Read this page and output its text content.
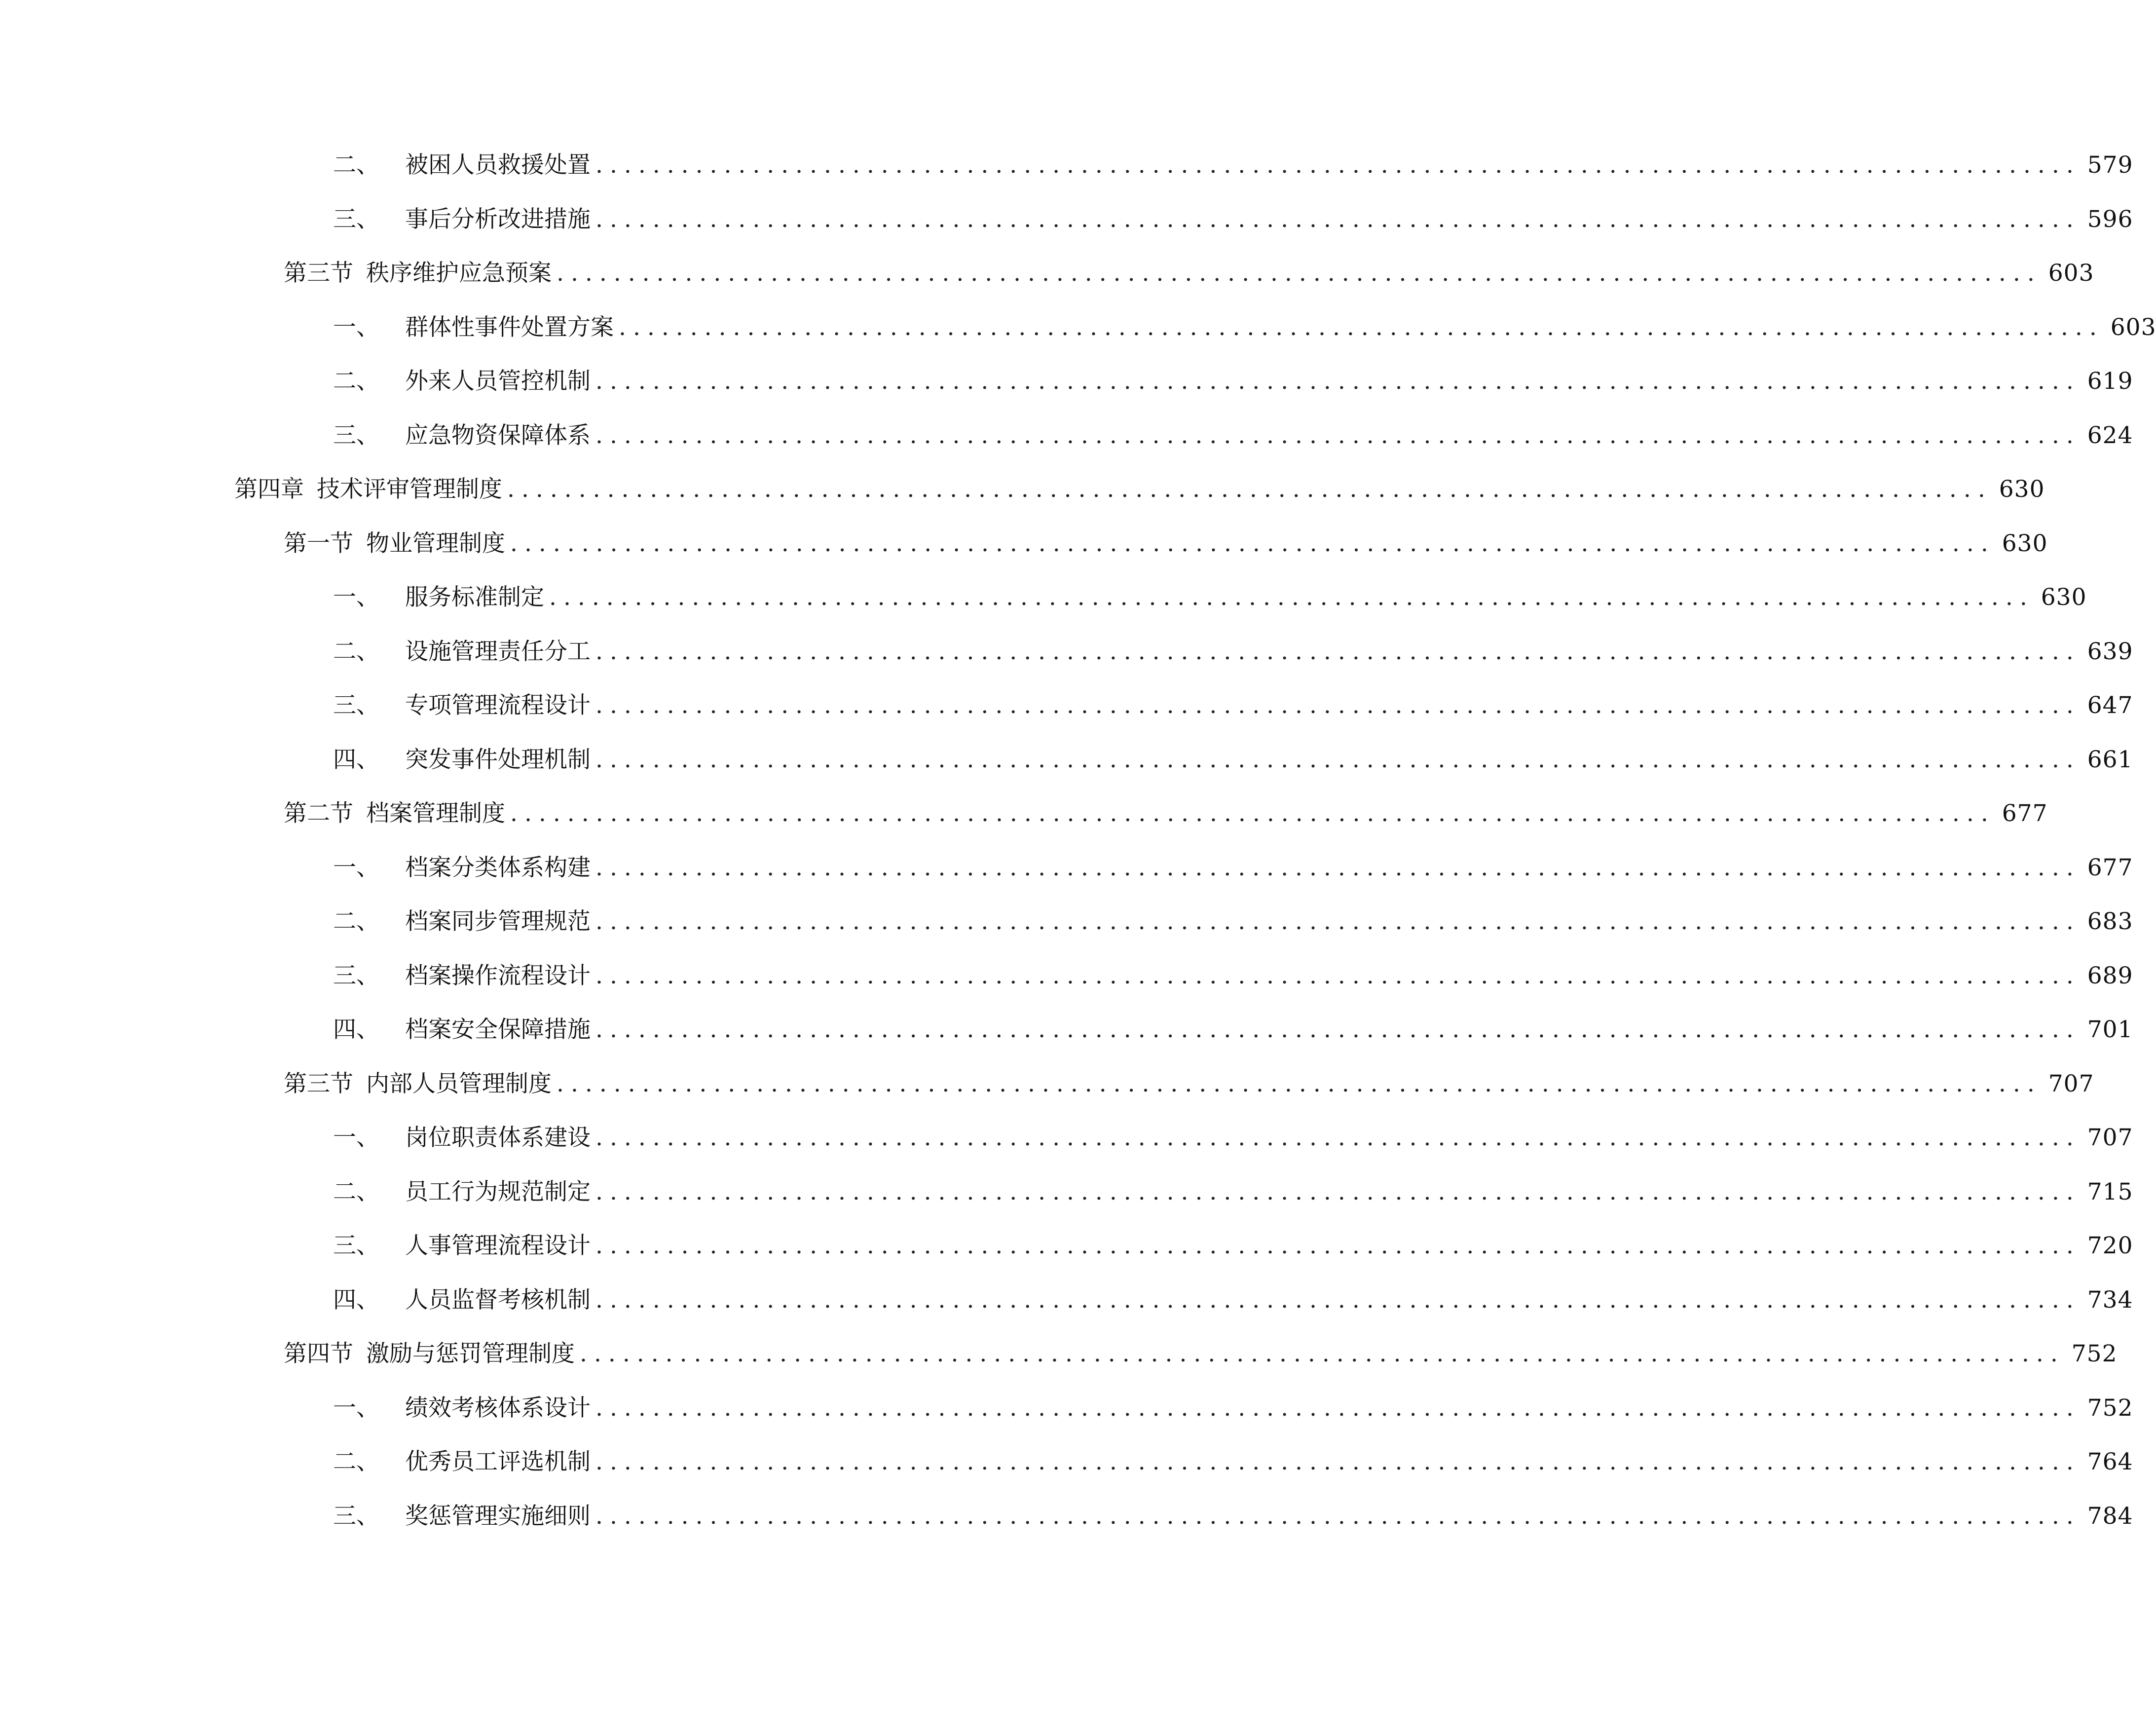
二、 被困人员救援处置 ........................................................................................................ 579
三、 事后分析改进措施 ........................................................................................................ 596
第三节 秩序维护应急预案 ........................................................................................................ 603
一、 群体性事件处置方案 ........................................................................................................ 603
二、 外来人员管控机制 ........................................................................................................ 619
三、 应急物资保障体系 ........................................................................................................ 624
第四章 技术评审管理制度 ........................................................................................................ 630
第一节 物业管理制度 ........................................................................................................ 630
一、 服务标准制定 ........................................................................................................ 630
二、 设施管理责任分工 ........................................................................................................ 639
三、 专项管理流程设计 ........................................................................................................ 647
四、 突发事件处理机制 ........................................................................................................ 661
第二节 档案管理制度 ........................................................................................................ 677
一、 档案分类体系构建 ........................................................................................................ 677
二、 档案同步管理规范 ........................................................................................................ 683
三、 档案操作流程设计 ........................................................................................................ 689
四、 档案安全保障措施 ........................................................................................................ 701
第三节 内部人员管理制度 ........................................................................................................ 707
一、 岗位职责体系建设 ........................................................................................................ 707
二、 员工行为规范制定 ........................................................................................................ 715
三、 人事管理流程设计 ........................................................................................................ 720
四、 人员监督考核机制 ........................................................................................................ 734
第四节 激励与惩罚管理制度 ........................................................................................................ 752
一、 绩效考核体系设计 ........................................................................................................ 752
二、 优秀员工评选机制 ........................................................................................................ 764
三、 奖惩管理实施细则 ........................................................................................................ 784
